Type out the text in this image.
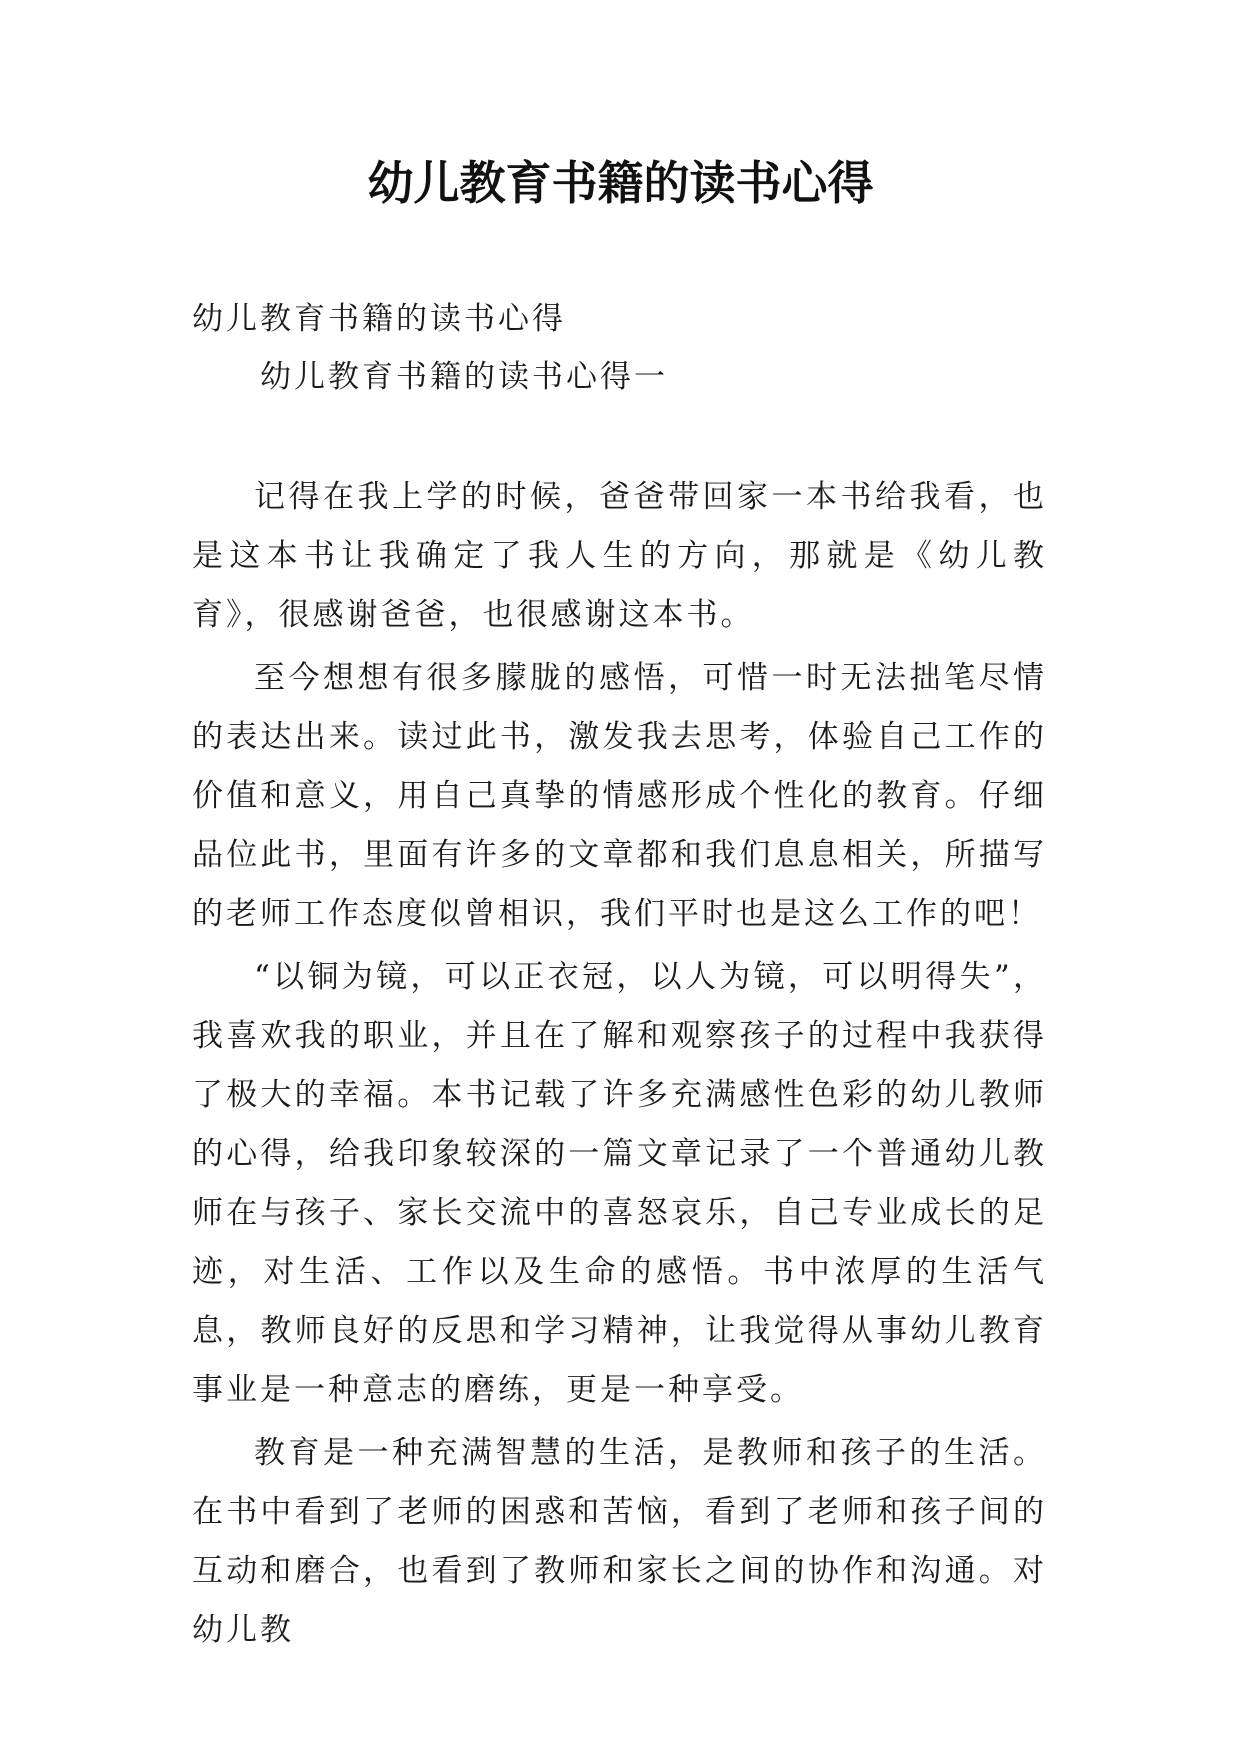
幼儿教育书籍的读书心得

幼儿教育书籍的读书心得

幼儿教育书籍的读书心得一

记得在我上学的时候，爸爸带回家一本书给我看，也是这本书让我确定了我人生的方向，那就是《幼儿教育》，很感谢爸爸，也很感谢这本书。

至今想想有很多朦胧的感悟，可惜一时无法拙笔尽情的表达出来。读过此书，激发我去思考，体验自己工作的价值和意义，用自己真挚的情感形成个性化的教育。仔细品位此书，里面有许多的文章都和我们息息相关，所描写的老师工作态度似曾相识，我们平时也是这么工作的吧！

“以铜为镜，可以正衣冠，以人为镜，可以明得失”，我喜欢我的职业，并且在了解和观察孩子的过程中我获得了极大的幸福。本书记载了许多充满感性色彩的幼儿教师的心得，给我印象较深的一篇文章记录了一个普通幼儿教师在与孩子、家长交流中的喜怒哀乐，自己专业成长的足迹，对生活、工作以及生命的感悟。书中浓厚的生活气息，教师良好的反思和学习精神，让我觉得从事幼儿教育事业是一种意志的磨练，更是一种享受。

教育是一种充满智慧的生活，是教师和孩子的生活。在书中看到了老师的困惑和苦恼，看到了老师和孩子间的互动和磨合，也看到了教师和家长之间的协作和沟通。对幼儿教
